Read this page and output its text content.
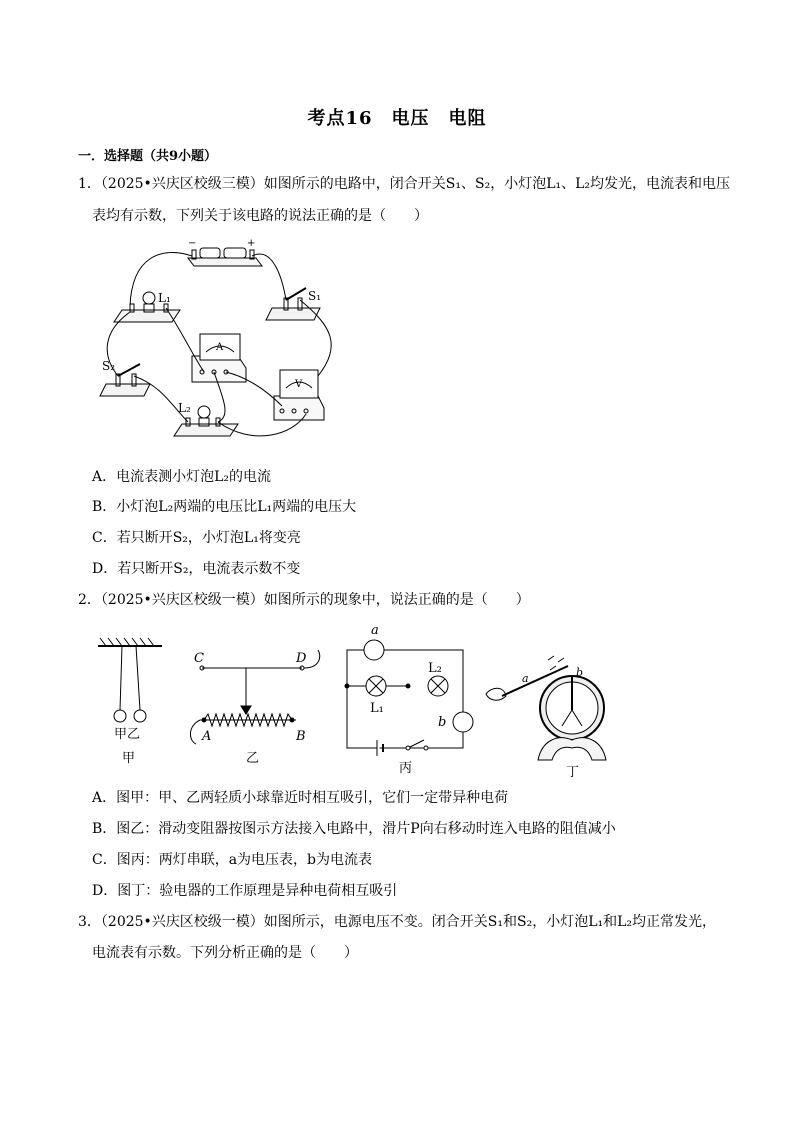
考点16　电压　电阻
一．选择题（共9小题）
1．（2025•兴庆区校级三模）如图所示的电路中，闭合开关S₁、S₂，小灯泡L₁、L₂均发光，电流表和电压
表均有示数，下列关于该电路的说法正确的是（　　）
L₁	S₁
S₂
L₂
A
V
−	+
A．电流表测小灯泡L₂的电流
B．小灯泡L₂两端的电压比L₁两端的电压大
C．若只断开S₂，小灯泡L₁将变亮
D．若只断开S₂，电流表示数不变
2．（2025•兴庆区校级一模）如图所示的现象中，说法正确的是（　　）
甲乙
甲
C	D
A	B
乙
a
L₁
L₂
b
丙
a	b
丁
A．图甲：甲、乙两轻质小球靠近时相互吸引，它们一定带异种电荷
B．图乙：滑动变阻器按图示方法接入电路中，滑片P向右移动时连入电路的阻值减小
C．图丙：两灯串联，a为电压表，b为电流表
D．图丁：验电器的工作原理是异种电荷相互吸引
3．（2025•兴庆区校级一模）如图所示，电源电压不变。闭合开关S₁和S₂，小灯泡L₁和L₂均正常发光，
电流表有示数。下列分析正确的是（　　）
